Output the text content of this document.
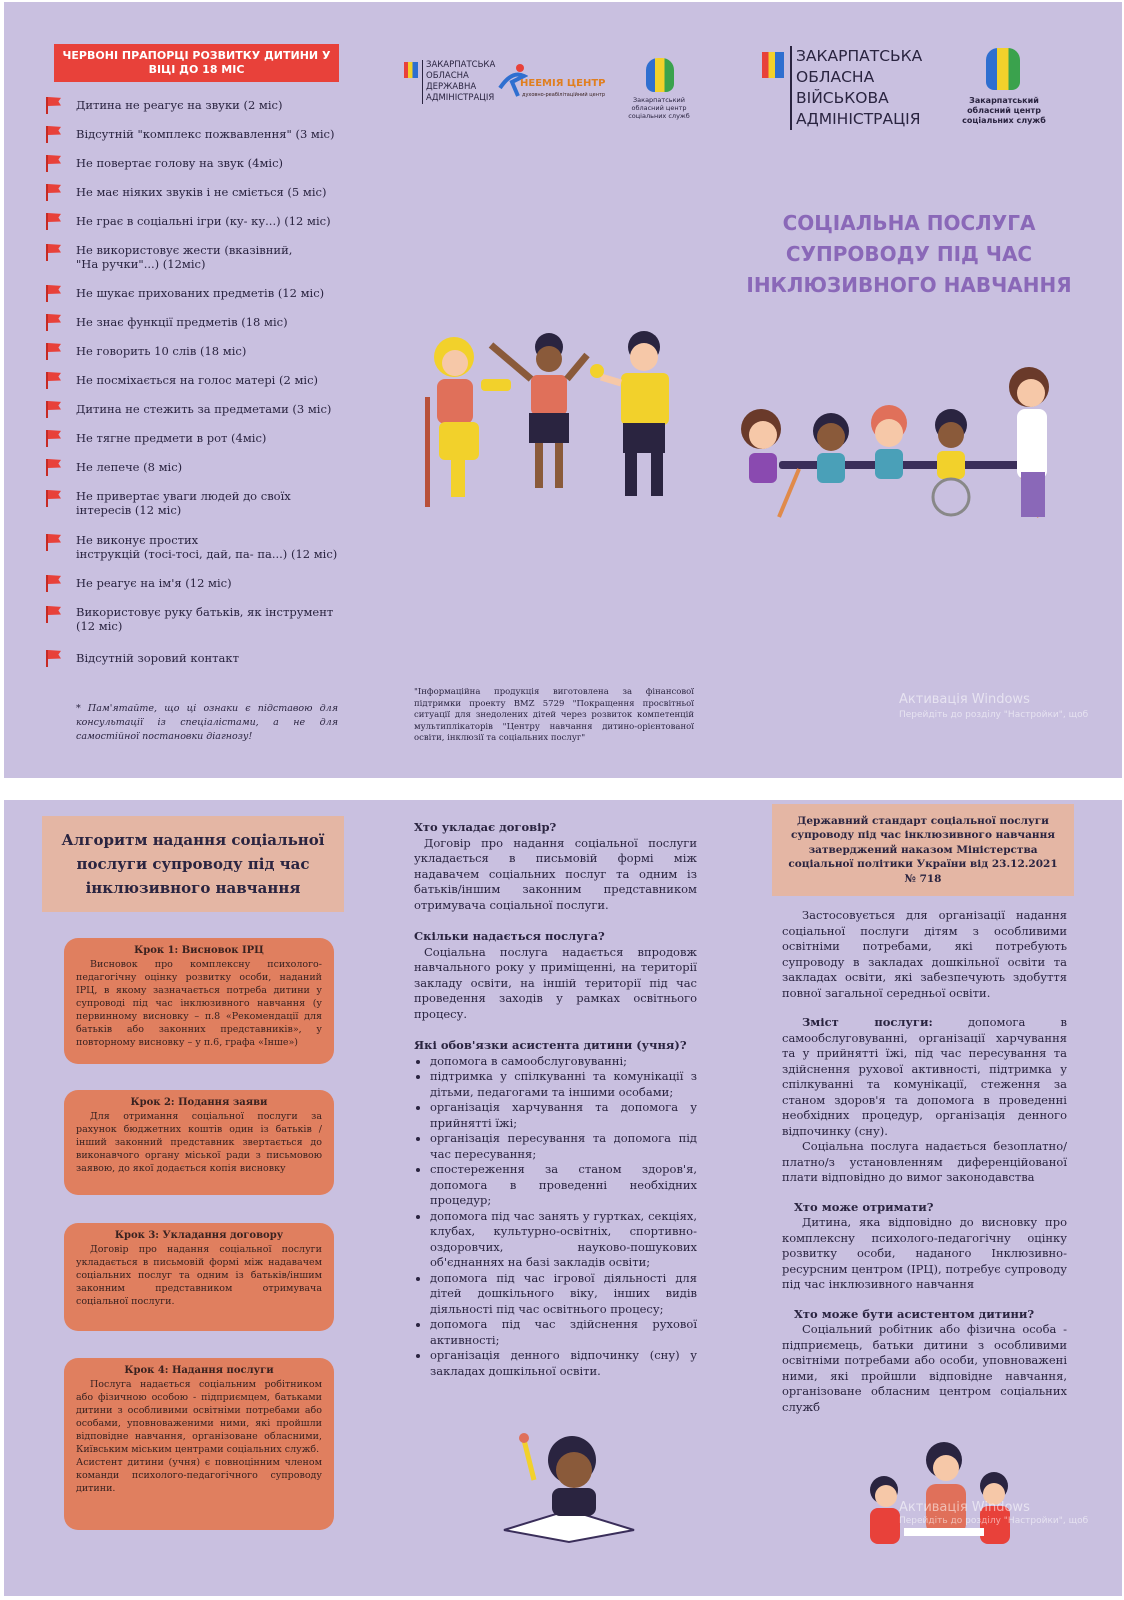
ЧЕРВОНІ ПРАПОРЦІ РОЗВИТКУ ДИТИНИ У ВІЦІ ДО 18 МІС
Дитина не реагує на звуки (2 міс)
Відсутній "комплекс пожвавлення" (3 міс)
Не повертає голову на звук (4міс)
Не має ніяких звуків і не сміється (5 міс)
Не грає в соціальні ігри (ку- ку...) (12 міс)
Не використовує жести (вказівний,
"На ручки"...) (12міс)
Не шукає прихованих предметів (12 міс)
Не знає функції предметів (18 міс)
Не говорить 10 слів (18 міс)
Не посміхається на голос матері (2 міс)
Дитина не стежить за предметами (3 міс)
Не тягне предмети в рот (4міс)
Не лепече (8 міс)
Не привертає уваги людей до своїх
інтересів (12 міс)
Не виконує простих
інструкцій (тосі-тосі, дай, па- па...) (12 міс)
Не реагує на ім'я (12 міс)
Використовує руку батьків, як інструмент
(12 міс)
Відсутній зоровий контакт
* Пам'ятайте, що ці ознаки є підставою для консультації із спеціалістами, а не для самостійної постановки діагнозу!
ЗАКАРПАТСЬКА
ОБЛАСНА
ДЕРЖАВНА
АДМІНІСТРАЦІЯ
НЕЕМІЯ ЦЕНТР
духовно-реабілітаційний центр
Закарпатський обласний центр соціальних служб
ЗАКАРПАТСЬКА
ОБЛАСНА
ВІЙСЬКОВА
АДМІНІСТРАЦІЯ
Закарпатський обласний центр соціальних служб
СОЦІАЛЬНА ПОСЛУГА СУПРОВОДУ ПІД ЧАС ІНКЛЮЗИВНОГО НАВЧАННЯ
"Інформаційна продукція виготовлена за фінансової підтримки проекту BMZ 5729 "Покращення просвітньої ситуації для знедолених дітей через розвиток компетенцій мультиплікаторів "Центру навчання дитино-орієнтованої освіти, інклюзії та соціальних послуг"
Активація Windows
Перейдіть до розділу "Настройки", щоб
Алгоритм надання соціальної послуги супроводу під час інклюзивного навчання
Крок 1: Висновок ІРЦ
Висновок про комплексну психолого-педагогічну оцінку розвитку особи, наданий ІРЦ, в якому зазначається потреба дитини у супроводі під час інклюзивного навчання (у первинному висновку – п.8 «Рекомендації для батьків або законних представників», у повторному висновку – у п.6, графа «Інше»)
Крок 2: Подання заяви
Для отримання соціальної послуги за рахунок бюджетних коштів один із батьків / інший законний представник звертається до виконавчого органу міської ради з письмовою заявою, до якої додається копія висновку
Крок 3: Укладання договору
Договір про надання соціальної послуги укладається в письмовій формі між надавачем соціальних послуг та одним із батьків/іншим законним представником отримувача соціальної послуги.
Крок 4: Надання послуги
Послуга надається соціальним робітником або фізичною особою - підприємцем, батьками дитини з особливими освітніми потребами або особами, уповноваженими ними, які пройшли відповідне навчання, організоване обласними, Київським міським центрами соціальних служб.
Асистент дитини (учня) є повноцінним членом команди психолого-педагогічного супроводу дитини.
Хто укладає договір?

Договір про надання соціальної послуги укладається в письмовій формі між надавачем соціальних послуг та одним із батьків/іншим законним представником отримувача соціальної послуги.

Скільки надається послуга?

Соціальна послуга надається впродовж навчального року у приміщенні, на території закладу освіти, на іншій території під час проведення заходів у рамках освітнього процесу.

Які обов'язки асистента дитини (учня)?
• допомога в самообслуговуванні;
• підтримка у спілкуванні та комунікації з дітьми, педагогами та іншими особами;
• організація харчування та допомога у прийнятті їжі;
• організація пересування та допомога під час пересування;
• спостереження за станом здоров'я, допомога в проведенні необхідних процедур;
• допомога під час занять у гуртках, секціях, клубах, культурно-освітніх, спортивно-оздоровчих, науково-пошукових об'єднаннях на базі закладів освіти;
• допомога під час ігрової діяльності для дітей дошкільного віку, інших видів діяльності під час освітнього процесу;
• допомога під час здійснення рухової активності;
• організація денного відпочинку (сну) у закладах дошкільної освіти.
Державний стандарт соціальної послуги супроводу під час інклюзивного навчання затверджений наказом Міністерства соціальної політики України від 23.12.2021 № 718

Застосовується для організації надання соціальної послуги дітям з особливими освітніми потребами, які потребують супроводу в закладах дошкільної освіти та закладах освіти, які забезпечують здобуття повної загальної середньої освіти.

Зміст послуги:	допомога в самообслуговуванні, організації харчування та у прийнятті їжі, під час пересування та здійснення рухової активності, підтримка у спілкуванні та комунікації, стеження за станом здоров'я та допомога в проведенні необхідних процедур, організація денного відпочинку (сну).

Соціальна послуга надається безоплатно/платно/з установленням диференційованої плати відповідно до вимог законодавства

Хто може отримати?

Дитина, яка відповідно до висновку про комплексну психолого-педагогічну оцінку розвитку особи, наданого Інклюзивно-ресурсним центром (ІРЦ), потребує супроводу під час інклюзивного навчання

Хто може бути асистентом дитини?

Соціальний робітник або фізична особа - підприємець, батьки дитини з особливими освітніми потребами або особи, уповноважені ними, які пройшли відповідне навчання, організоване обласним центром соціальних служб

Активація Windows
Перейдіть до розділу "Настройки", щоб
